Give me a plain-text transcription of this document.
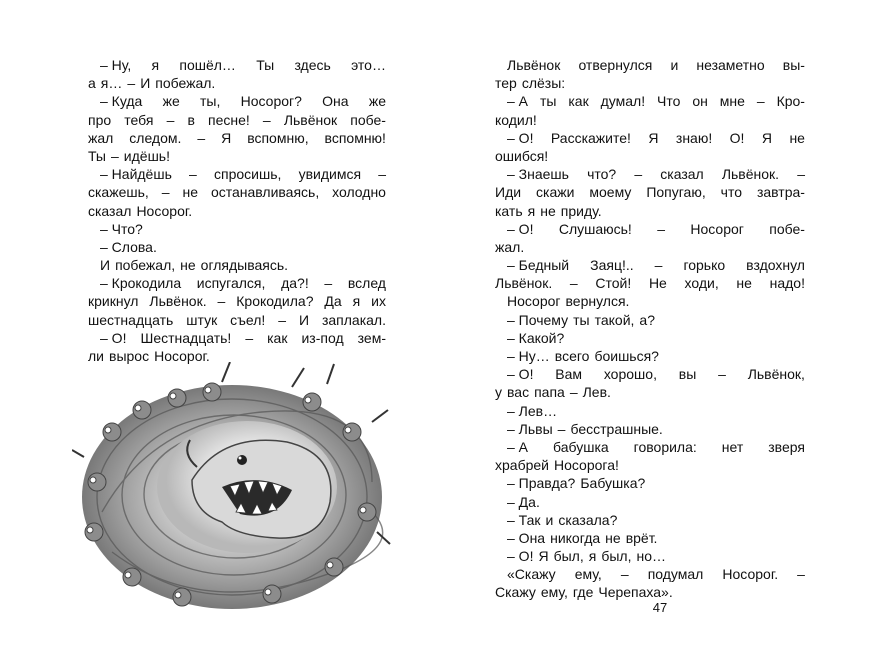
– Ну, я пошёл… Ты здесь это…
а я… – И побежал.
– Куда же ты, Носорог? Она же
про тебя – в песне! – Львёнок побе-
жал следом. – Я вспомню, вспомню!
Ты – идёшь!
– Найдёшь – спросишь, увидимся –
скажешь, – не останавливаясь, холодно
сказал Носорог.
– Что?
– Слова.
И побежал, не оглядываясь.
– Крокодила испугался, да?! – вслед
крикнул Львёнок. – Крокодила? Да я их
шестнадцать штук съел! – И заплакал.
– О! Шестнадцать! – как из-под зем-
ли вырос Носорог.
Львёнок отвернулся и незаметно вы-
тер слёзы:
– А ты как думал! Что он мне – Кро-
кодил!
– О! Расскажите! Я знаю! О! Я не
ошибся!
– Знаешь что? – сказал Львёнок. –
Иди скажи моему Попугаю, что завтра-
кать я не приду.
– О! Слушаюсь! – Носорог побе-
жал.
– Бедный Заяц!.. – горько вздохнул
Львёнок. – Стой! Не ходи, не надо!
Носорог вернулся.
– Почему ты такой, а?
– Какой?
– Ну… всего боишься?
– О! Вам хорошо, вы – Львёнок,
у вас папа – Лев.
– Лев…
– Львы – бесстрашные.
– А бабушка говорила: нет зверя
храбрей Носорога!
– Правда? Бабушка?
– Да.
– Так и сказала?
– Она никогда не врёт.
– О! Я был, я был, но…
«Скажу ему, – подумал Носорог. –
Скажу ему, где Черепаха».
47
